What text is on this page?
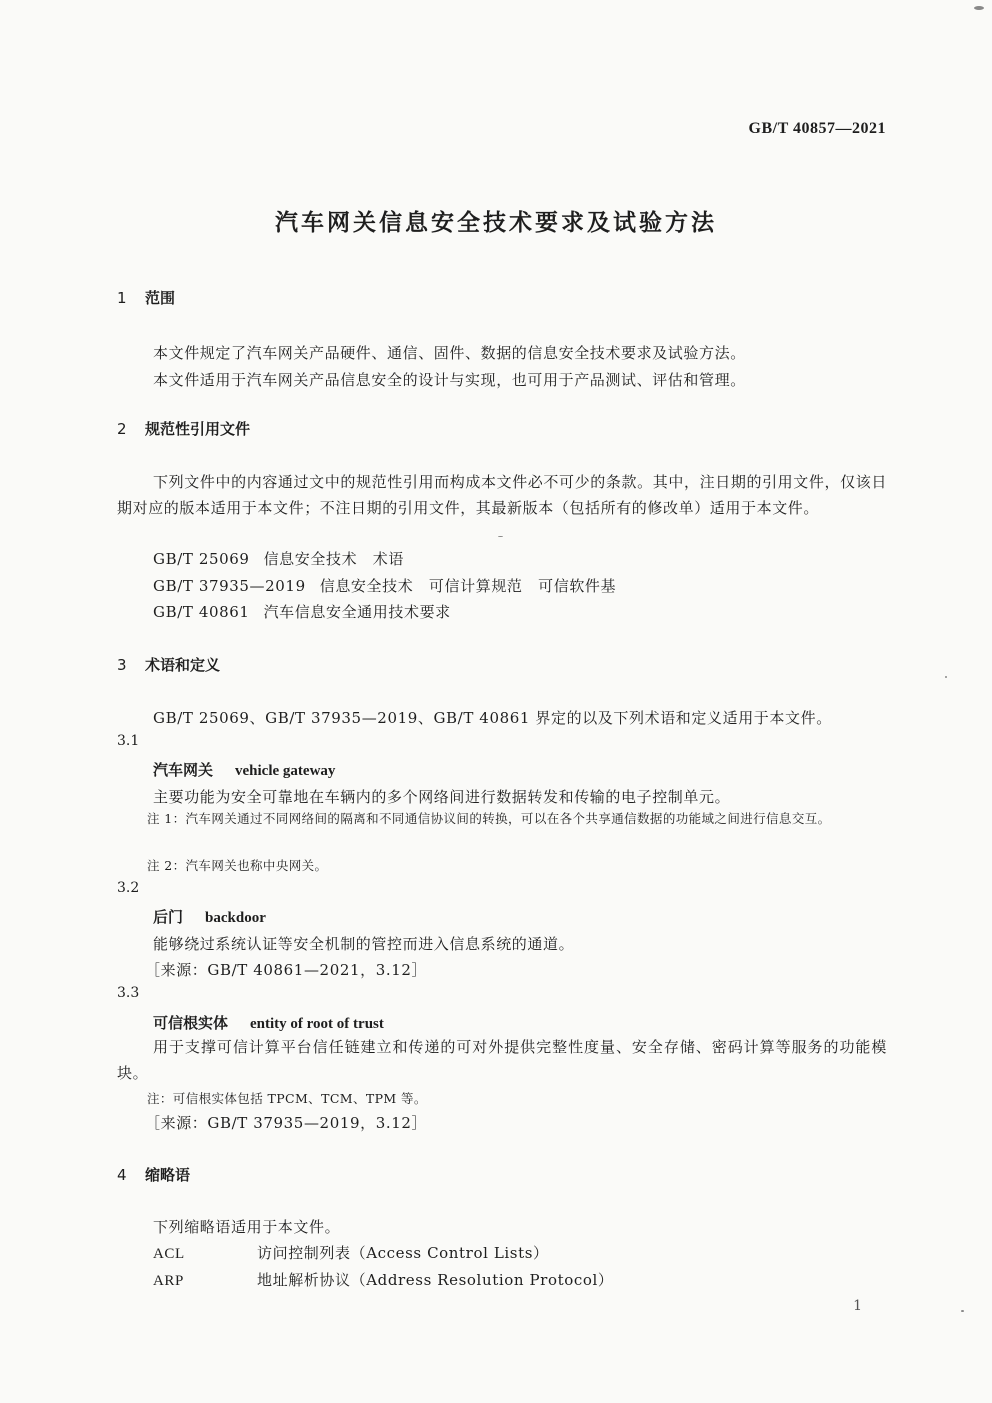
GB/T 40857—2021
汽车网关信息安全技术要求及试验方法
1 范围
本文件规定了汽车网关产品硬件、通信、固件、数据的信息安全技术要求及试验方法。
本文件适用于汽车网关产品信息安全的设计与实现，也可用于产品测试、评估和管理。
2 规范性引用文件
下列文件中的内容通过文中的规范性引用而构成本文件必不可少的条款。其中，注日期的引用文件，仅该日期对应的版本适用于本文件；不注日期的引用文件，其最新版本（包括所有的修改单）适用于本文件。
GB/T 25069 信息安全技术　术语
GB/T 37935—2019 信息安全技术　可信计算规范　可信软件基
GB/T 40861 汽车信息安全通用技术要求
3 术语和定义
GB/T 25069、GB/T 37935—2019、GB/T 40861 界定的以及下列术语和定义适用于本文件。
3.1
汽车网关 vehicle gateway
主要功能为安全可靠地在车辆内的多个网络间进行数据转发和传输的电子控制单元。
注 1：汽车网关通过不同网络间的隔离和不同通信协议间的转换，可以在各个共享通信数据的功能域之间进行信息交互。
注 2：汽车网关也称中央网关。
3.2
后门 backdoor
能够绕过系统认证等安全机制的管控而进入信息系统的通道。
［来源：GB/T 40861—2021，3.12］
3.3
可信根实体 entity of root of trust
用于支撑可信计算平台信任链建立和传递的可对外提供完整性度量、安全存储、密码计算等服务的功能模块。
注：可信根实体包括 TPCM、TCM、TPM 等。
［来源：GB/T 37935—2019，3.12］
4 缩略语
下列缩略语适用于本文件。
ACL	访问控制列表（Access Control Lists）
ARP	地址解析协议（Address Resolution Protocol）
1
